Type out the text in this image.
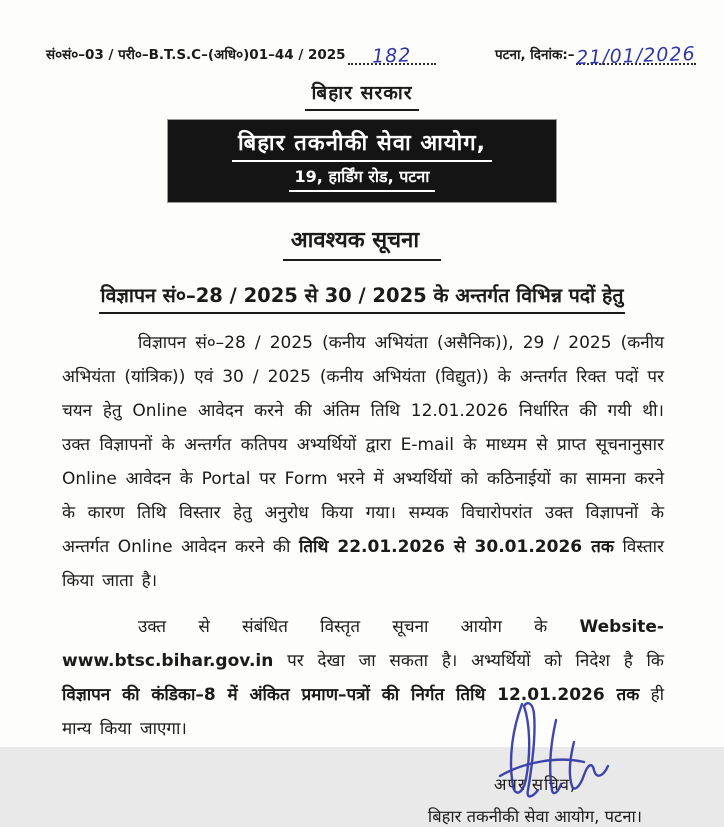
सं०सं०–03 / परी०–B.T.S.C–(अधि०)01–44 / 2025 182	पटना, दिनांक:–21/01/2026
बिहार सरकार
बिहार तकनीकी सेवा आयोग,
19, हार्डिंग रोड, पटना
आवश्यक सूचना
विज्ञापन सं०–28 / 2025 से 30 / 2025 के अन्तर्गत विभिन्न पदों हेतु

विज्ञापन सं०–28 / 2025 (कनीय अभियंता (असैनिक)), 29 / 2025 (कनीय अभियंता (यांत्रिक)) एवं 30 / 2025 (कनीय अभियंता (विद्युत)) के अन्तर्गत रिक्त पदों पर चयन हेतु Online आवेदन करने की अंतिम तिथि 12.01.2026 निर्धारित की गयी थी। उक्त विज्ञापनों के अन्तर्गत कतिपय अभ्यर्थियों द्वारा E-mail के माध्यम से प्राप्त सूचनानुसार Online आवेदन के Portal पर Form भरने में अभ्यर्थियों को कठिनाईयों का सामना करने के कारण तिथि विस्तार हेतु अनुरोध किया गया। सम्यक विचारोपरांत उक्त विज्ञापनों के अन्तर्गत Online आवेदन करने की तिथि 22.01.2026 से 30.01.2026 तक विस्तार किया जाता है।

उक्त से संबंधित विस्तृत सूचना आयोग के Website- www.btsc.bihar.gov.in पर देखा जा सकता है। अभ्यर्थियों को निदेश है कि विज्ञापन की कंडिका–8 में अंकित प्रमाण–पत्रों की निर्गत तिथि 12.01.2026 तक ही मान्य किया जाएगा।

अपर सचिव,
बिहार तकनीकी सेवा आयोग, पटना।
